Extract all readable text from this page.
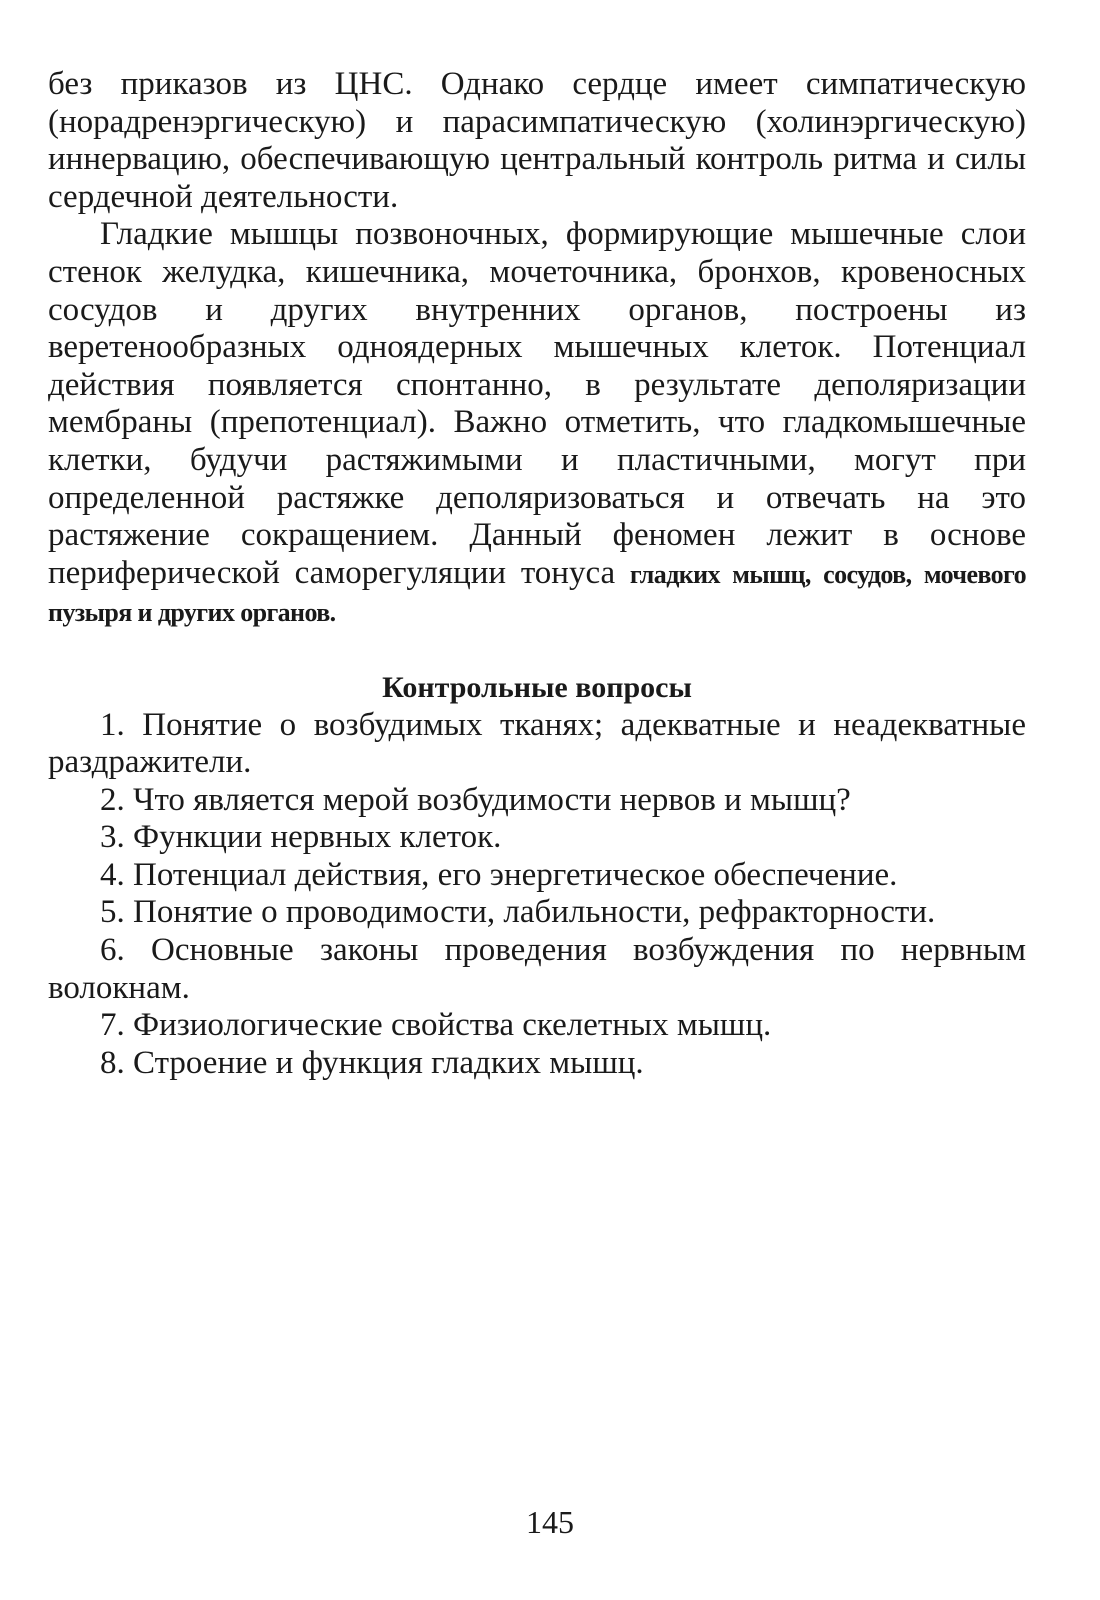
без приказов из ЦНС. Однако сердце имеет симпатическую (норадренэргическую) и парасимпатическую (холинэргическую) иннервацию, обеспечивающую центральный контроль ритма и силы сердечной деятельности.

Гладкие мышцы позвоночных, формирующие мышечные слои стенок желудка, кишечника, мочеточника, бронхов, кровеносных сосудов и других внутренних органов, построены из веретенообразных одноядерных мышечных клеток. Потенциал действия появляется спонтанно, в результате деполяризации мембраны (препотенциал). Важно отметить, что гладкомышечные клетки, будучи растяжимыми и пластичными, могут при определенной растяжке деполяризоваться и отвечать на это растяжение сокращением. Данный феномен лежит в основе периферической саморегуляции тонуса гладких мышц, сосудов, мочевого пузыря и других органов.

Контрольные вопросы

1. Понятие о возбудимых тканях; адекватные и неадекватные раздражители.

2. Что является мерой возбудимости нервов и мышц?

3. Функции нервных клеток.

4. Потенциал действия, его энергетическое обеспечение.

5. Понятие о проводимости, лабильности, рефракторности.

6. Основные законы проведения возбуждения по нервным волокнам.

7. Физиологические свойства скелетных мышц.

8. Строение и функция гладких мышц.

145
